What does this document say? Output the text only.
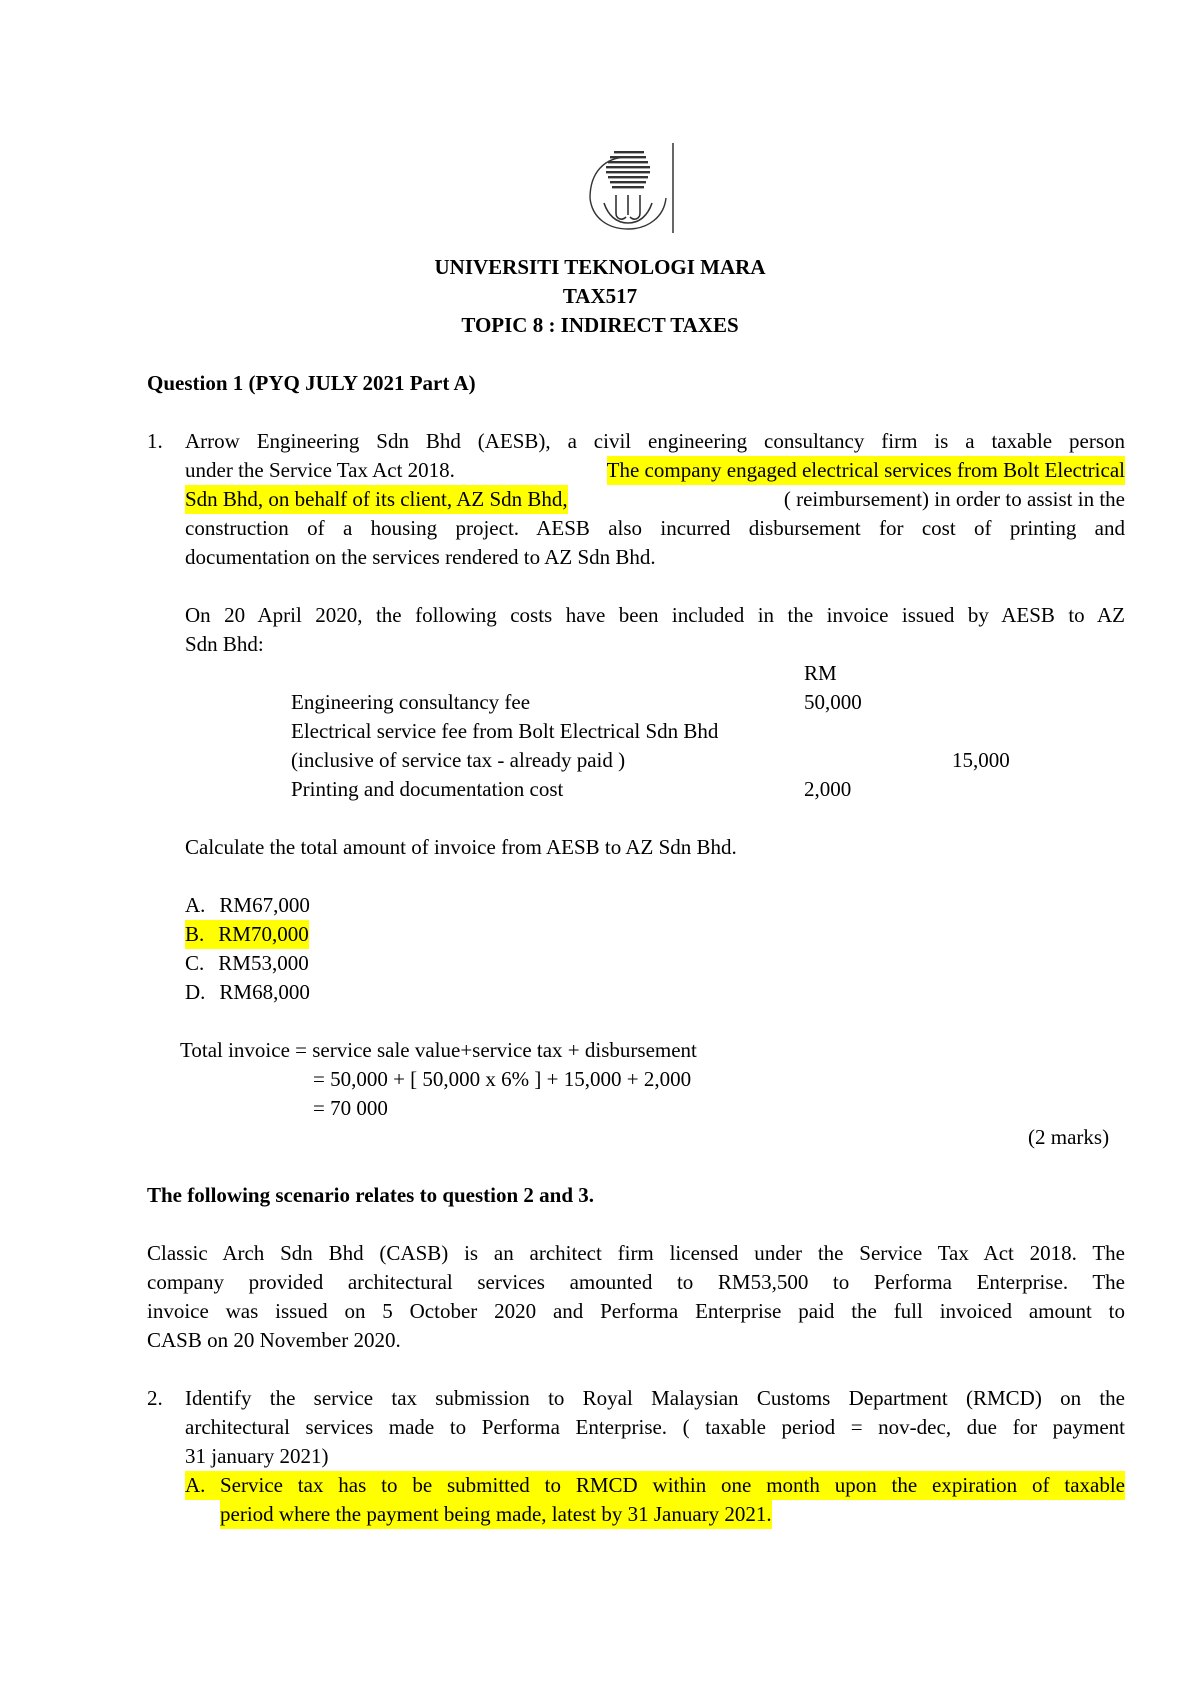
UNIVERSITI TEKNOLOGI MARA
TAX517
TOPIC 8 : INDIRECT TAXES
Question 1 (PYQ JULY 2021 Part A)
1. Arrow Engineering Sdn Bhd (AESB), a civil engineering consultancy firm is a taxable person
under the Service Tax Act 2018.	The company engaged electrical services from Bolt Electrical
Sdn Bhd, on behalf of its client, AZ Sdn Bhd,	( reimbursement) in order to assist in the
construction of a housing project. AESB also incurred disbursement for cost of printing and
documentation on the services rendered to AZ Sdn Bhd.
On 20 April 2020, the following costs have been included in the invoice issued by AESB to AZ
Sdn Bhd:
RM
Engineering consultancy fee	50,000
Electrical service fee from Bolt Electrical Sdn Bhd
(inclusive of service tax - already paid )	15,000
Printing and documentation cost	2,000
Calculate the total amount of invoice from AESB to AZ Sdn Bhd.
A. RM67,000
B. RM70,000
C. RM53,000
D. RM68,000
Total invoice = service sale value+service tax + disbursement
= 50,000 + [ 50,000 x 6% ] + 15,000 + 2,000
= 70 000
(2 marks)
The following scenario relates to question 2 and 3.
Classic Arch Sdn Bhd (CASB) is an architect firm licensed under the Service Tax Act 2018. The
company provided architectural services amounted to RM53,500 to Performa Enterprise. The
invoice was issued on 5 October 2020 and Performa Enterprise paid the full invoiced amount to
CASB on 20 November 2020.
2. Identify the service tax submission to Royal Malaysian Customs Department (RMCD) on the
architectural services made to Performa Enterprise. ( taxable period = nov-dec, due for payment
31 january 2021)
A. Service tax has to be submitted to RMCD within one month upon the expiration of taxable
period where the payment being made, latest by 31 January 2021.
